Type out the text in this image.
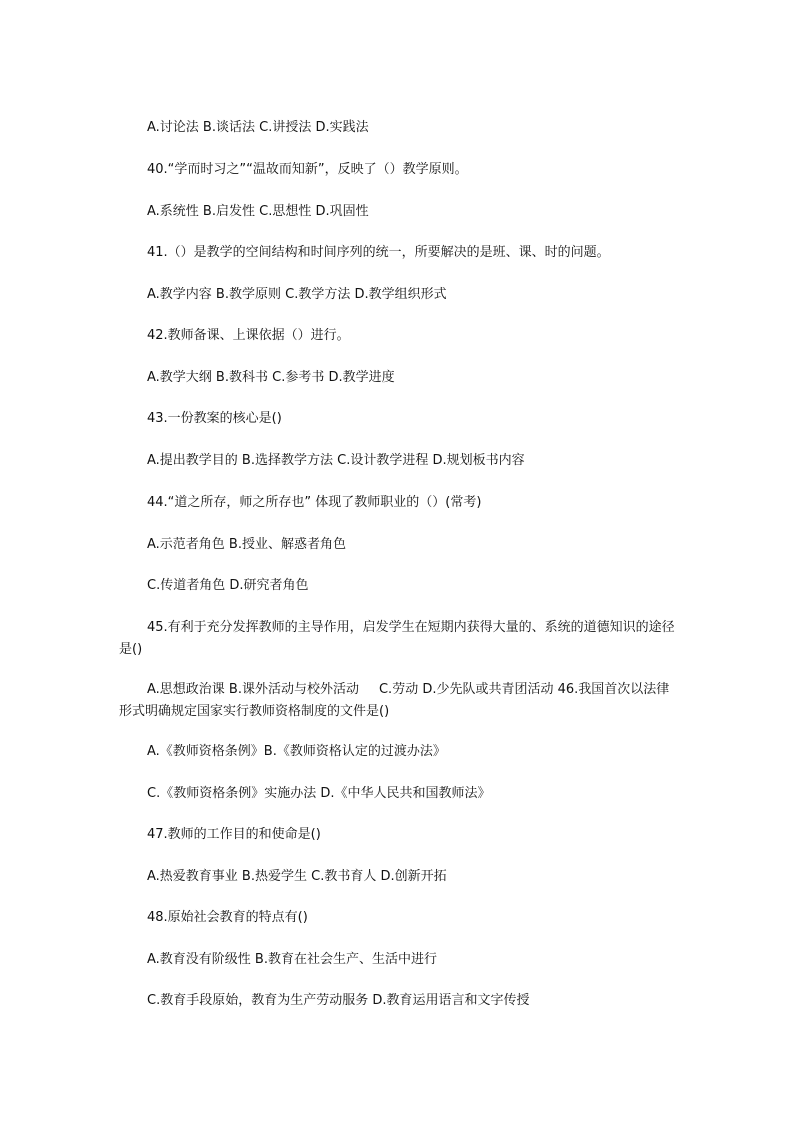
A.讨论法 B.谈话法 C.讲授法 D.实践法
40.“学而时习之”“温故而知新”，反映了（）教学原则。
A.系统性 B.启发性 C.思想性 D.巩固性
41.（）是教学的空间结构和时间序列的统一，所要解决的是班、课、时的问题。
A.教学内容 B.教学原则 C.教学方法 D.教学组织形式
42.教师备课、上课依据（）进行。
A.教学大纲 B.教科书 C.参考书 D.教学进度
43.一份教案的核心是()
A.提出教学目的 B.选择教学方法 C.设计教学进程 D.规划板书内容
44.“道之所存，师之所存也” 体现了教师职业的（）(常考)
A.示范者角色 B.授业、解惑者角色
C.传道者角色 D.研究者角色
45.有利于充分发挥教师的主导作用，启发学生在短期内获得大量的、系统的道德知识的途径是()
A.思想政治课 B.课外活动与校外活动 C.劳动 D.少先队或共青团活动 46.我国首次以法律形式明确规定国家实行教师资格制度的文件是()
A.《教师资格条例》B.《教师资格认定的过渡办法》
C.《教师资格条例》实施办法 D.《中华人民共和国教师法》
47.教师的工作目的和使命是()
A.热爱教育事业 B.热爱学生 C.教书育人 D.创新开拓
48.原始社会教育的特点有()
A.教育没有阶级性 B.教育在社会生产、生活中进行
C.教育手段原始，教育为生产劳动服务 D.教育运用语言和文字传授
